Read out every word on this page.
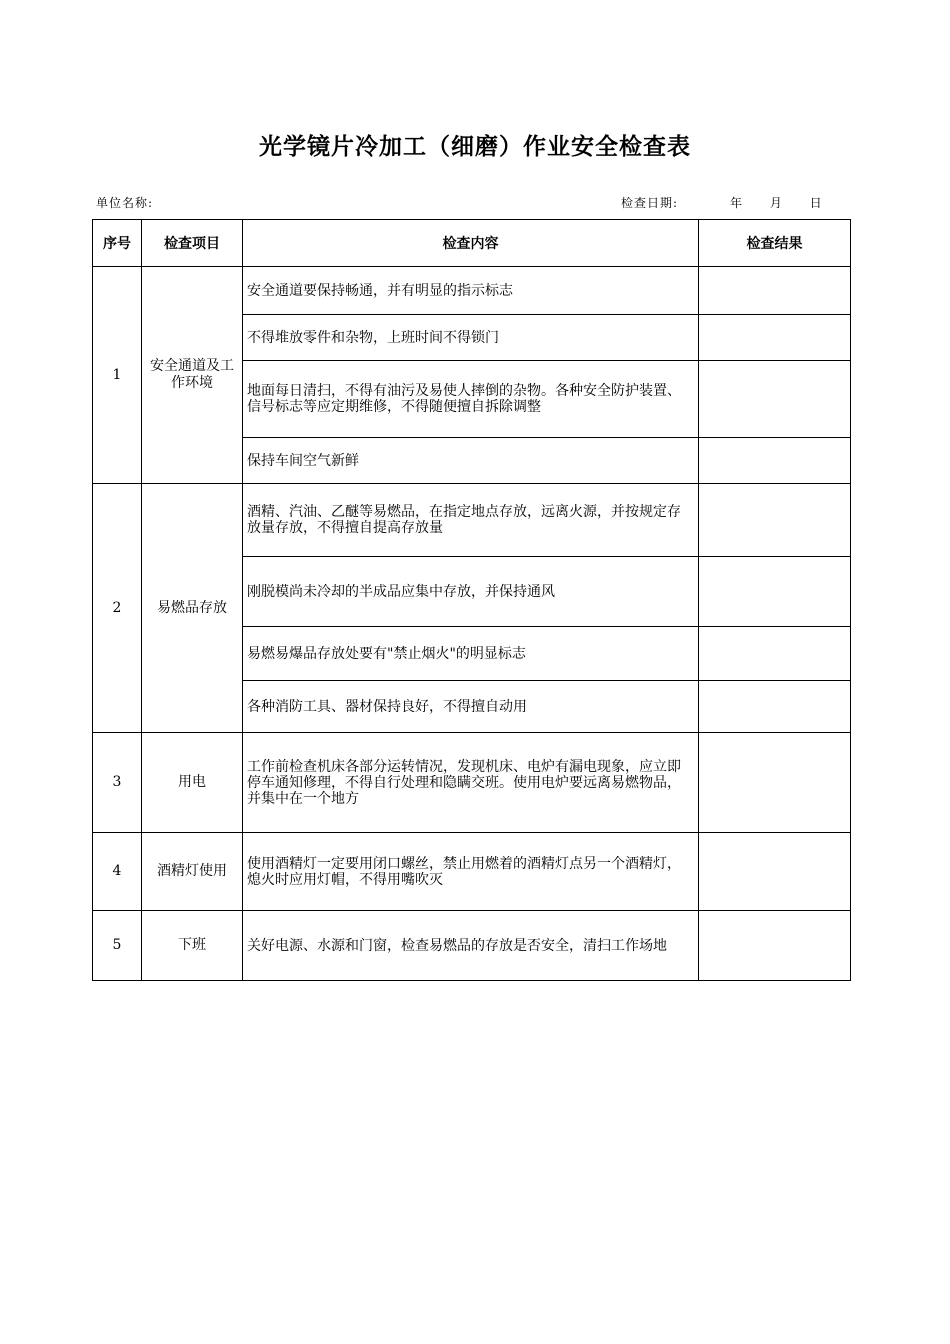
光学镜片冷加工（细磨）作业安全检查表
单位名称:	检查日期:	年 月 日
序号	检查项目	检查内容	检查结果
1	安全通道及工作环境	安全通道要保持畅通，并有明显的指示标志	
		不得堆放零件和杂物，上班时间不得锁门	
		地面每日清扫，不得有油污及易使人摔倒的杂物。各种安全防护装置、信号标志等应定期维修，不得随便擅自拆除调整	
		保持车间空气新鲜	
2	易燃品存放	酒精、汽油、乙醚等易燃品，在指定地点存放，远离火源，并按规定存放量存放，不得擅自提高存放量	
		刚脱模尚未冷却的半成品应集中存放，并保持通风	
		易燃易爆品存放处要有"禁止烟火"的明显标志	
		各种消防工具、器材保持良好，不得擅自动用	
3	用电	工作前检查机床各部分运转情况，发现机床、电炉有漏电现象，应立即停车通知修理，不得自行处理和隐瞒交班。使用电炉要远离易燃物品，并集中在一个地方	
4	酒精灯使用	使用酒精灯一定要用闭口螺丝，禁止用燃着的酒精灯点另一个酒精灯，熄火时应用灯帽，不得用嘴吹灭	
5	下班	关好电源、水源和门窗，检查易燃品的存放是否安全，清扫工作场地	
